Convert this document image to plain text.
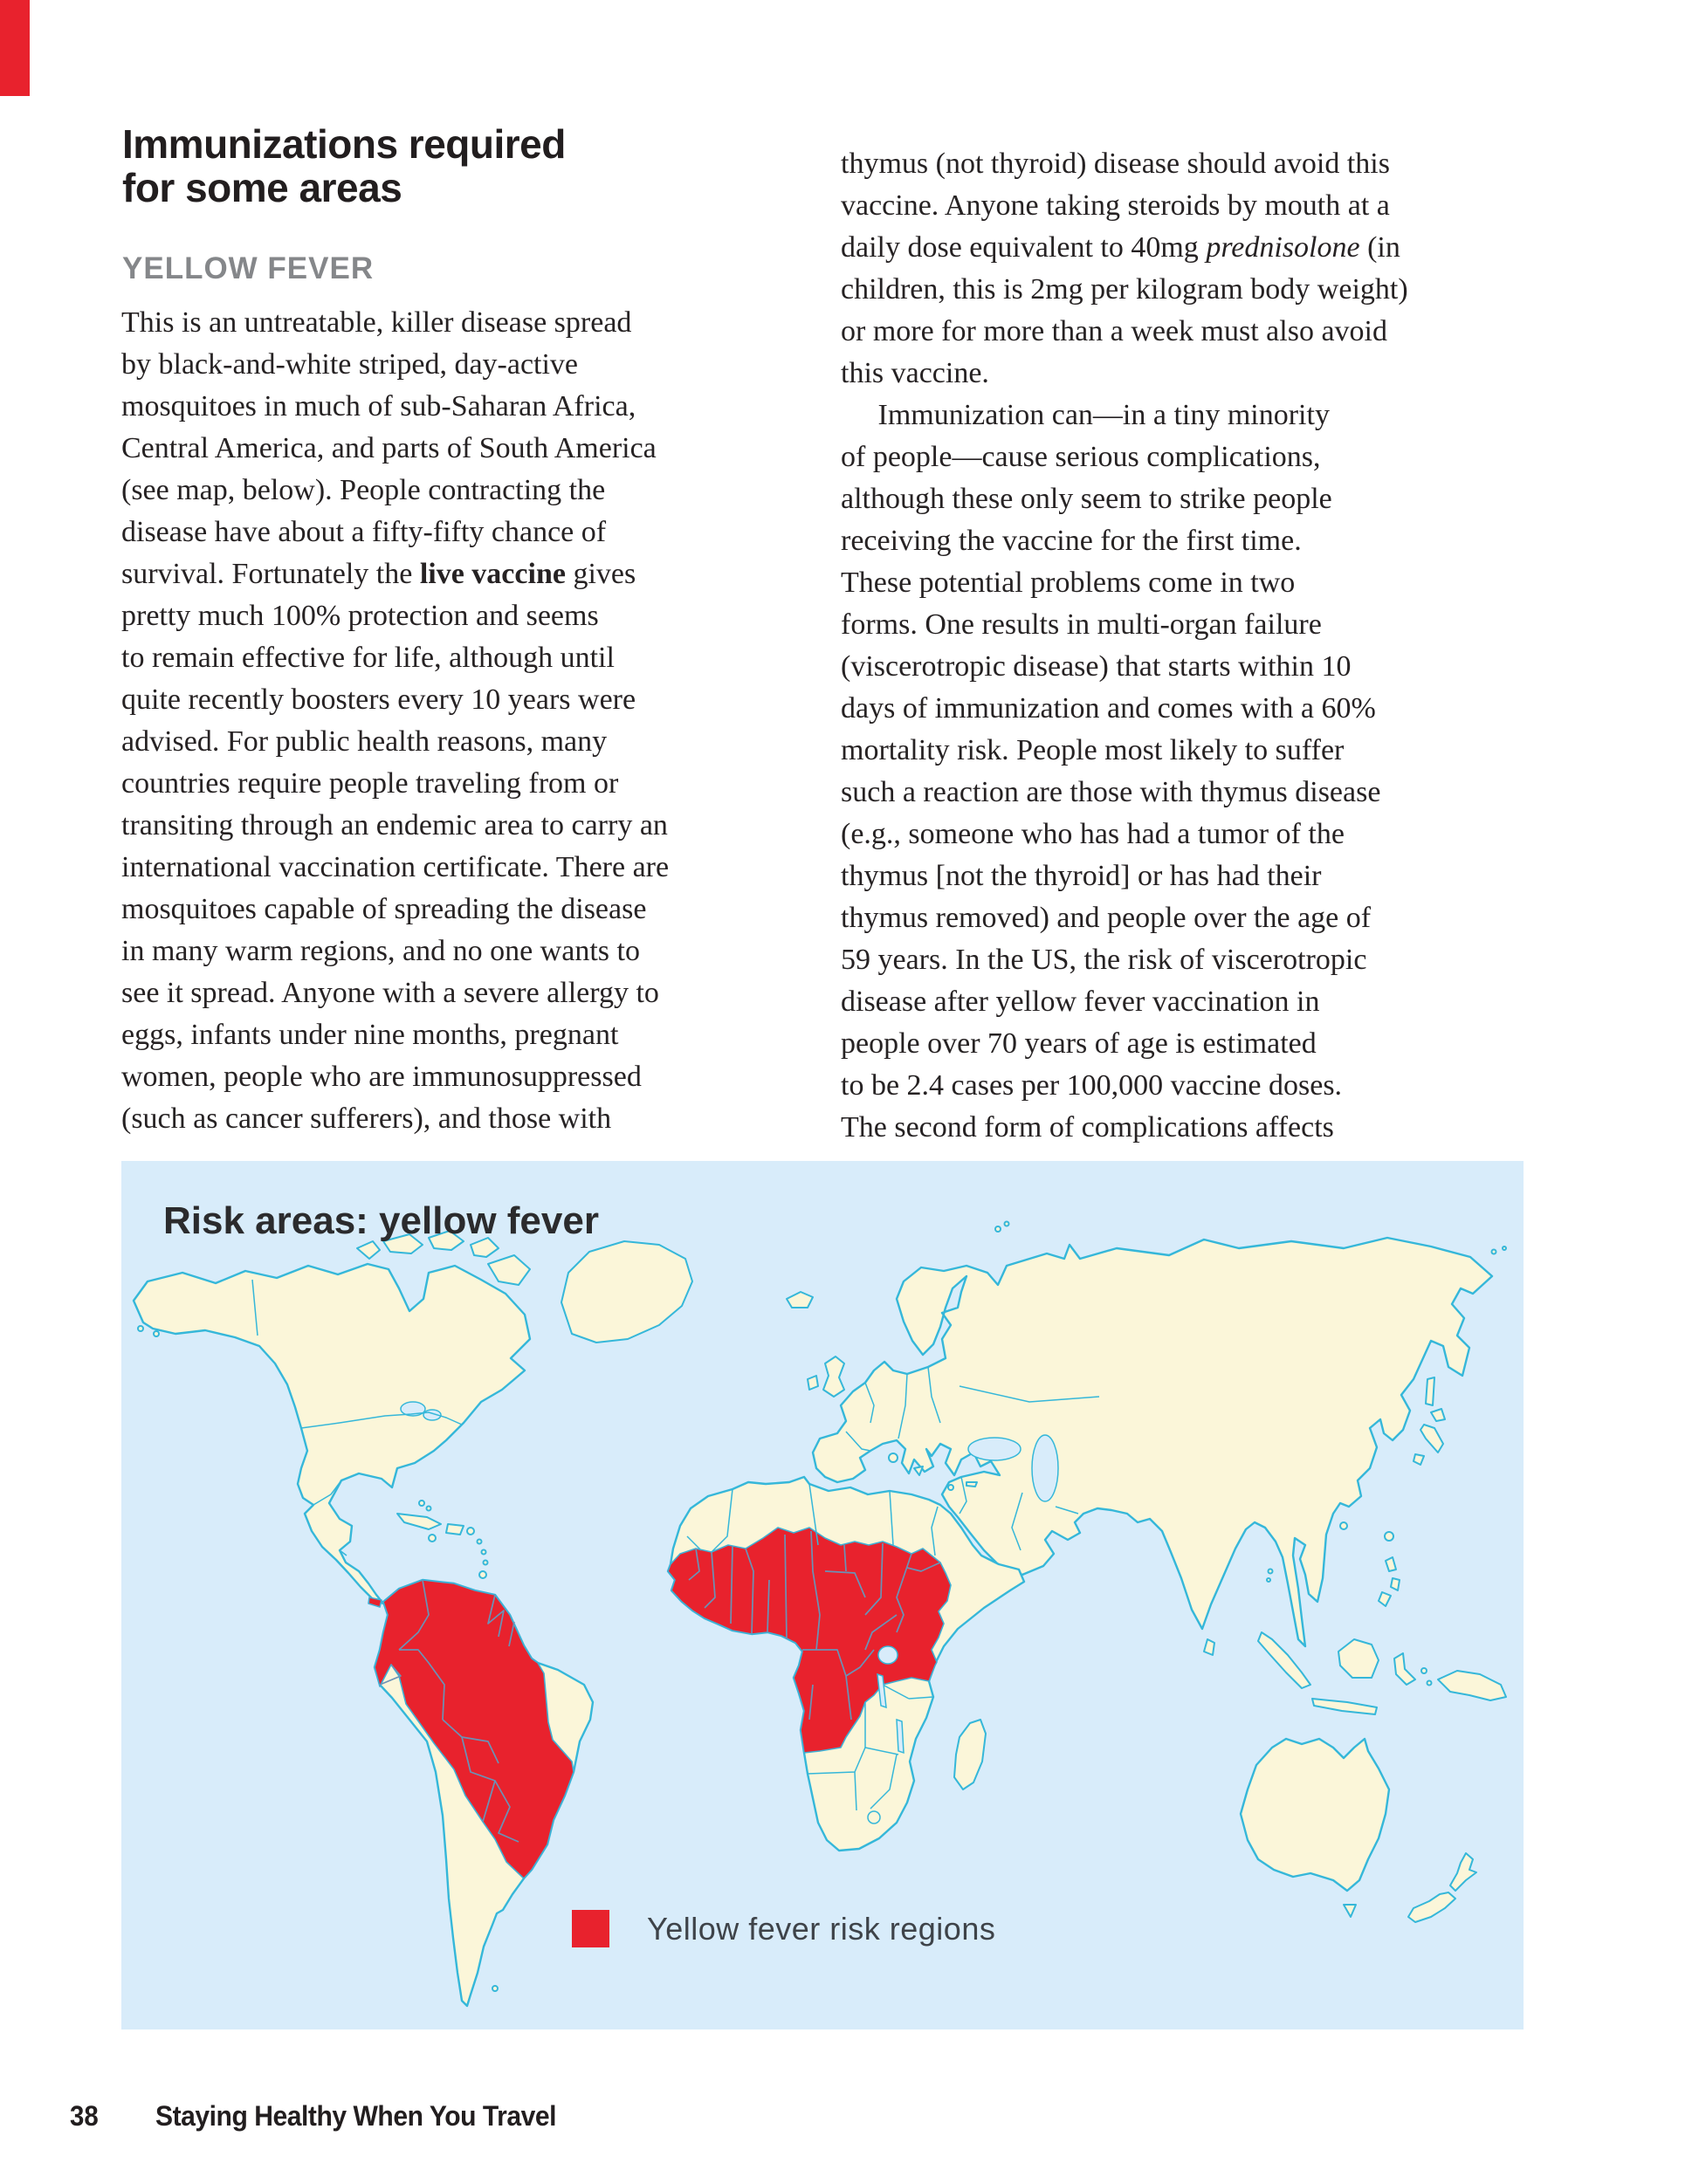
Immunizations required
for some areas
YELLOW FEVER
This is an untreatable, killer disease spread
by black-and-white striped, day-active
mosquitoes in much of sub-Saharan Africa,
Central America, and parts of South America
(see map, below). People contracting the
disease have about a fifty-fifty chance of
survival. Fortunately the live vaccine gives
pretty much 100% protection and seems
to remain effective for life, although until
quite recently boosters every 10 years were
advised. For public health reasons, many
countries require people traveling from or
transiting through an endemic area to carry an
international vaccination certificate. There are
mosquitoes capable of spreading the disease
in many warm regions, and no one wants to
see it spread. Anyone with a severe allergy to
eggs, infants under nine months, pregnant
women, people who are immunosuppressed
(such as cancer sufferers), and those with
thymus (not thyroid) disease should avoid this
vaccine. Anyone taking steroids by mouth at a
daily dose equivalent to 40mg prednisolone (in
children, this is 2mg per kilogram body weight)
or more for more than a week must also avoid
this vaccine.
Immunization can—in a tiny minority
of people—cause serious complications,
although these only seem to strike people
receiving the vaccine for the first time.
These potential problems come in two
forms. One results in multi-organ failure
(viscerotropic disease) that starts within 10
days of immunization and comes with a 60%
mortality risk. People most likely to suffer
such a reaction are those with thymus disease
(e.g., someone who has had a tumor of the
thymus [not the thyroid] or has had their
thymus removed) and people over the age of
59 years. In the US, the risk of viscerotropic
disease after yellow fever vaccination in
people over 70 years of age is estimated
to be 2.4 cases per 100,000 vaccine doses.
The second form of complications affects
Risk areas: yellow fever
Yellow fever risk regions
38 Staying Healthy When You Travel
